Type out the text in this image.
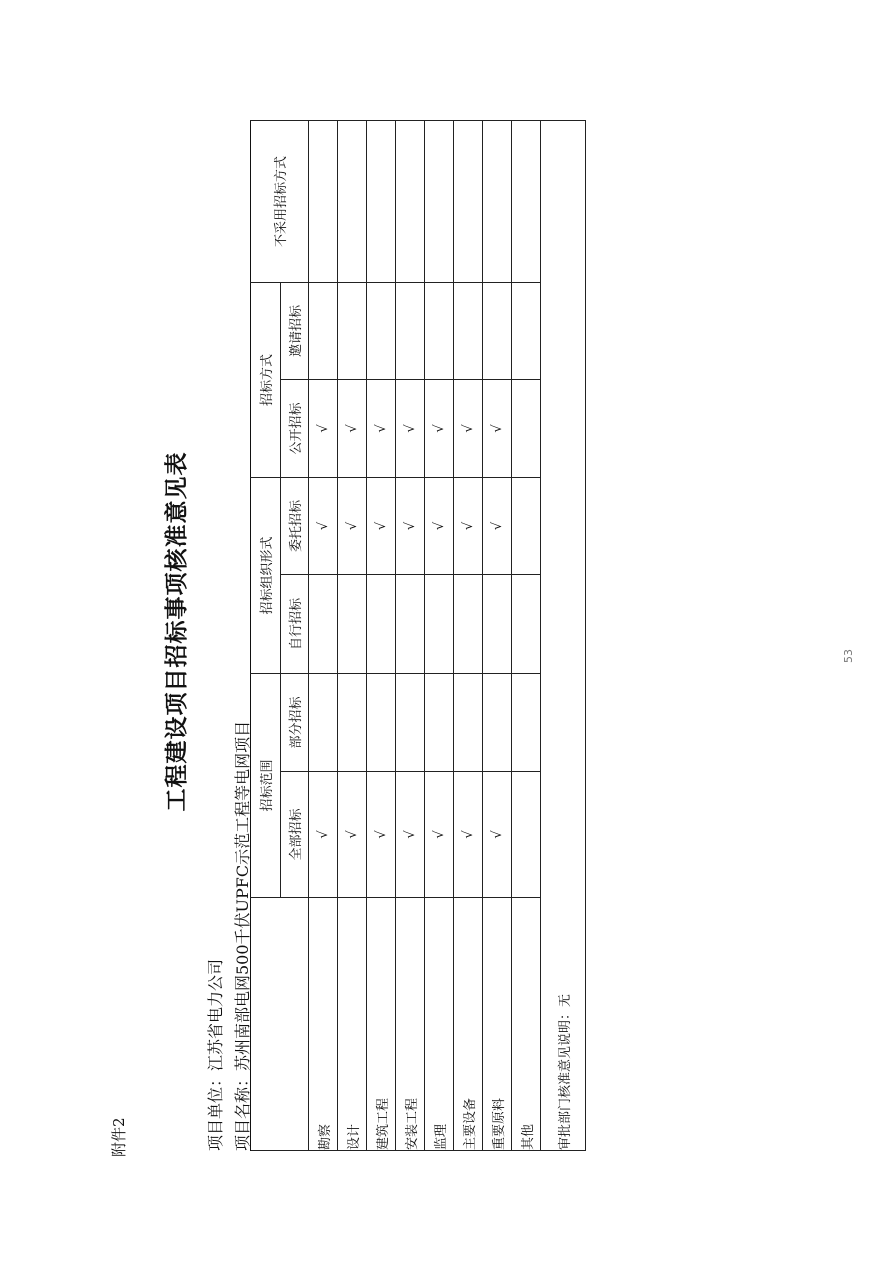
附件2
工程建设项目招标事项核准意见表
项目单位：江苏省电力公司 项目名称：苏州南部电网500千伏UPFC示范工程等电网项目
	招标范围		招标组织形式		招标方式		不采用招标方式
	全部招标	部分招标	自行招标	委托招标	公开招标	邀请招标	
勘察	√			√	√		
设计	√			√	√		
建筑工程	√			√	√		
安装工程	√			√	√		
监理	√			√	√		
主要设备	√			√	√		
重要原料	√			√	√		
其他							
审批部门核准意见说明：无							
53
